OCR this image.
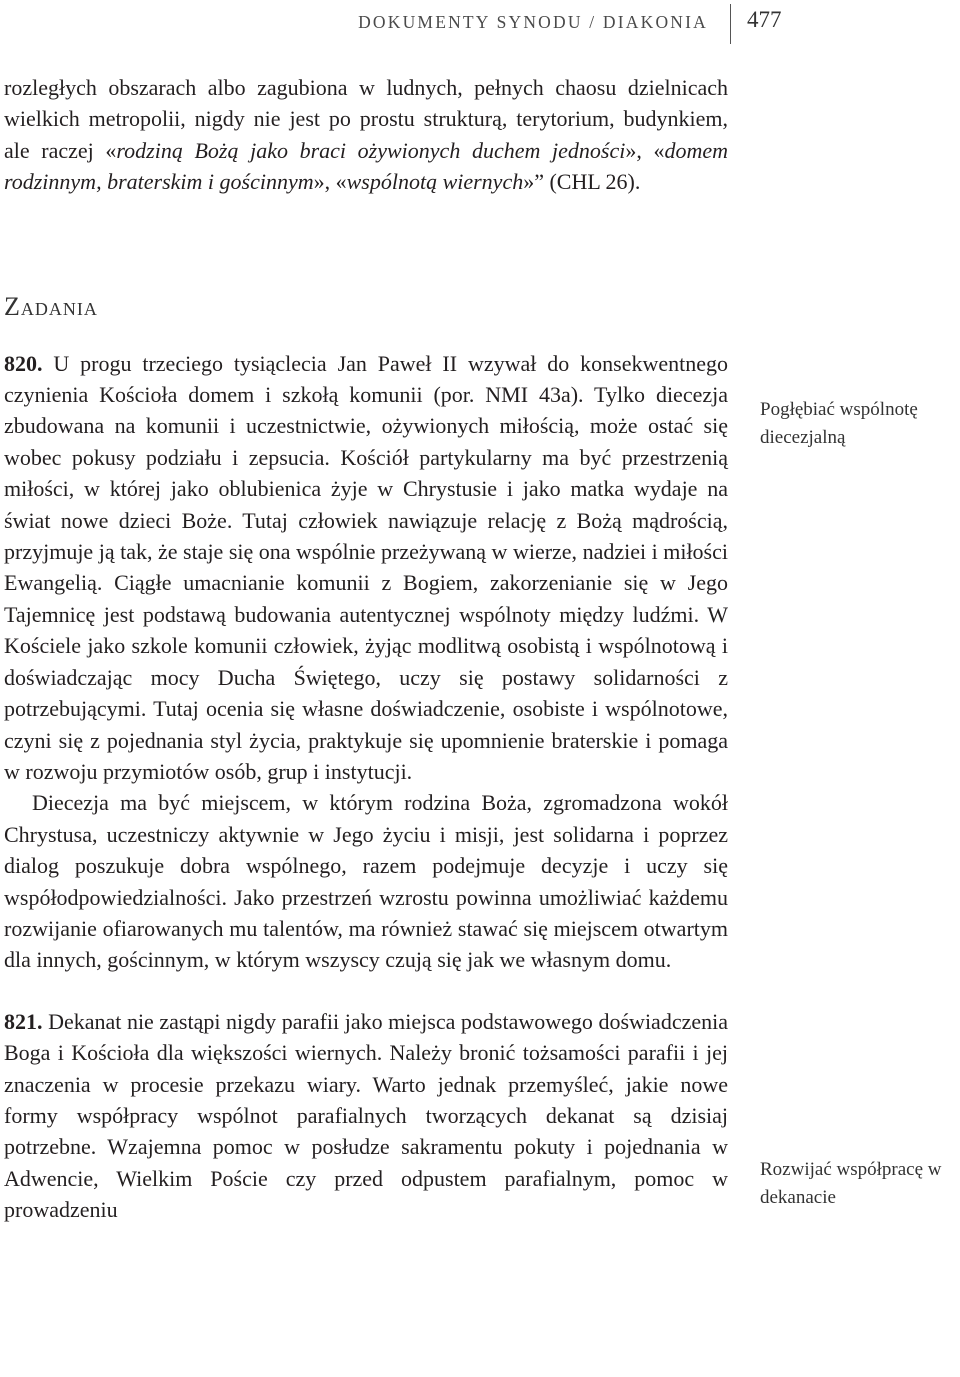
DOKUMENTY SYNODU / DIAKONIA 477

rozległych obszarach albo zagubiona w ludnych, pełnych chaosu dzielnicach wielkich metropolii, nigdy nie jest po prostu strukturą, terytorium, budynkiem, ale raczej «rodziną Bożą jako braci ożywionych duchem jedności», «domem rodzinnym, braterskim i gościnnym», «wspólnotą wiernych»” (CHL 26).

Zadania

820. U progu trzeciego tysiąclecia Jan Paweł II wzywał do konsekwentnego czynienia Kościoła domem i szkołą komunii (por. NMI 43a). Tylko diecezja zbudowana na komunii i uczestnictwie, ożywionych miłością, może ostać się wobec pokusy podziału i zepsucia. Kościół partykularny ma być przestrzenią miłości, w której jako oblubienica żyje w Chrystusie i jako matka wydaje na świat nowe dzieci Boże. Tutaj człowiek nawiązuje relację z Bożą mądrością, przyjmuje ją tak, że staje się ona wspólnie przeżywaną w wierze, nadziei i miłości Ewangelią. Ciągłe umacnianie komunii z Bogiem, zakorzenianie się w Jego Tajemnicę jest podstawą budowania autentycznej wspólnoty między ludźmi. W Kościele jako szkole komunii człowiek, żyjąc modlitwą osobistą i wspólnotową i doświadczając mocy Ducha Świętego, uczy się postawy solidarności z potrzebującymi. Tutaj ocenia się własne doświadczenie, osobiste i wspólnotowe, czyni się z pojednania styl życia, praktykuje się upomnienie braterskie i pomaga w rozwoju przymiotów osób, grup i instytucji.

Diecezja ma być miejscem, w którym rodzina Boża, zgromadzona wokół Chrystusa, uczestniczy aktywnie w Jego życiu i misji, jest solidarna i poprzez dialog poszukuje dobra wspólnego, razem podejmuje decyzje i uczy się współodpowiedzialności. Jako przestrzeń wzrostu powinna umożliwiać każdemu rozwijanie ofiarowanych mu talentów, ma również stawać się miejscem otwartym dla innych, gościnnym, w którym wszyscy czują się jak we własnym domu.

821. Dekanat nie zastąpi nigdy parafii jako miejsca podstawowego doświadczenia Boga i Kościoła dla większości wiernych. Należy bronić tożsamości parafii i jej znaczenia w procesie przekazu wiary. Warto jednak przemyśleć, jakie nowe formy współpracy wspólnot parafialnych tworzących dekanat są dzisiaj potrzebne. Wzajemna pomoc w posłudze sakramentu pokuty i pojednania w Adwencie, Wielkim Poście czy przed odpustem parafialnym, pomoc w prowadzeniu

Pogłębiać wspólnotę diecezjalną
Rozwijać współpracę w dekanacie
